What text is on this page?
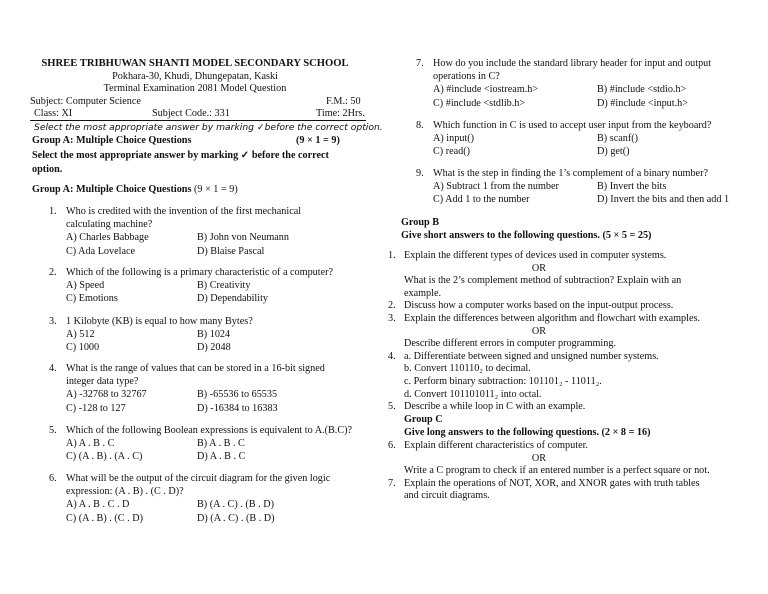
SHREE TRIBHUWAN SHANTI MODEL SECONDARY SCHOOL
Pokhara-30, Khudi, Dhungepatan, Kaski
Terminal Examination 2081 Model Question
Subject: Computer Science	F.M.: 50
Class: XI	Subject Code.: 331	Time: 2Hrs.
Select the most appropriate answer by marking ✓before the correct option.
Group A: Multiple Choice Questions	(9 × 1 = 9)
Select the most appropriate answer by marking ✓ before the correct
option.
Group A: Multiple Choice Questions (9 × 1 = 9)
1. Who is credited with the invention of the first mechanical
calculating machine?
A) Charles Babbage	B) John von Neumann
C) Ada Lovelace	D) Blaise Pascal
2. Which of the following is a primary characteristic of a computer?
A) Speed	B) Creativity
C) Emotions	D) Dependability
3. 1 Kilobyte (KB) is equal to how many Bytes?
A) 512	B) 1024
C) 1000	D) 2048
4. What is the range of values that can be stored in a 16-bit signed
integer data type?
A) -32768 to 32767	B) -65536 to 65535
C) -128 to 127	D) -16384 to 16383
5. Which of the following Boolean expressions is equivalent to A.(B.C)?
A) A . B . C	B) A . B . C
C) (A . B) . (A . C)	D) A . B . C
6. What will be the output of the circuit diagram for the given logic
expression: (A . B) . (C . D)?
A) A . B . C . D	B) (A . C) . (B . D)
C) (A . B) . (C . D)	D) (A . C) . (B . D)
7. How do you include the standard library header for input and output
operations in C?
A) #include <iostream.h>	B) #include <stdio.h>
C) #include <stdlib.h>	D) #include <input.h>
8. Which function in C is used to accept user input from the keyboard?
A) input()	B) scanf()
C) read()	D) get()
9. What is the step in finding the 1’s complement of a binary number?
A) Subtract 1 from the number	B) Invert the bits
C) Add 1 to the number	D) Invert the bits and then add 1
Group B
Give short answers to the following questions. (5 × 5 = 25)
1. Explain the different types of devices used in computer systems.
OR
What is the 2’s complement method of subtraction? Explain with an
example.
2. Discuss how a computer works based on the input-output process.
3. Explain the differences between algorithm and flowchart with examples.
OR
Describe different errors in computer programming.
4. a. Differentiate between signed and unsigned number systems.
b. Convert 110110₂ to decimal.
c. Perform binary subtraction: 101101₂ - 11011₂.
d. Convert 101101011₂ into octal.
5. Describe a while loop in C with an example.
Group C
Give long answers to the following questions. (2 × 8 = 16)
6. Explain different characteristics of computer.
OR
Write a C program to check if an entered number is a perfect square or not.
7. Explain the operations of NOT, XOR, and XNOR gates with truth tables
and circuit diagrams.
